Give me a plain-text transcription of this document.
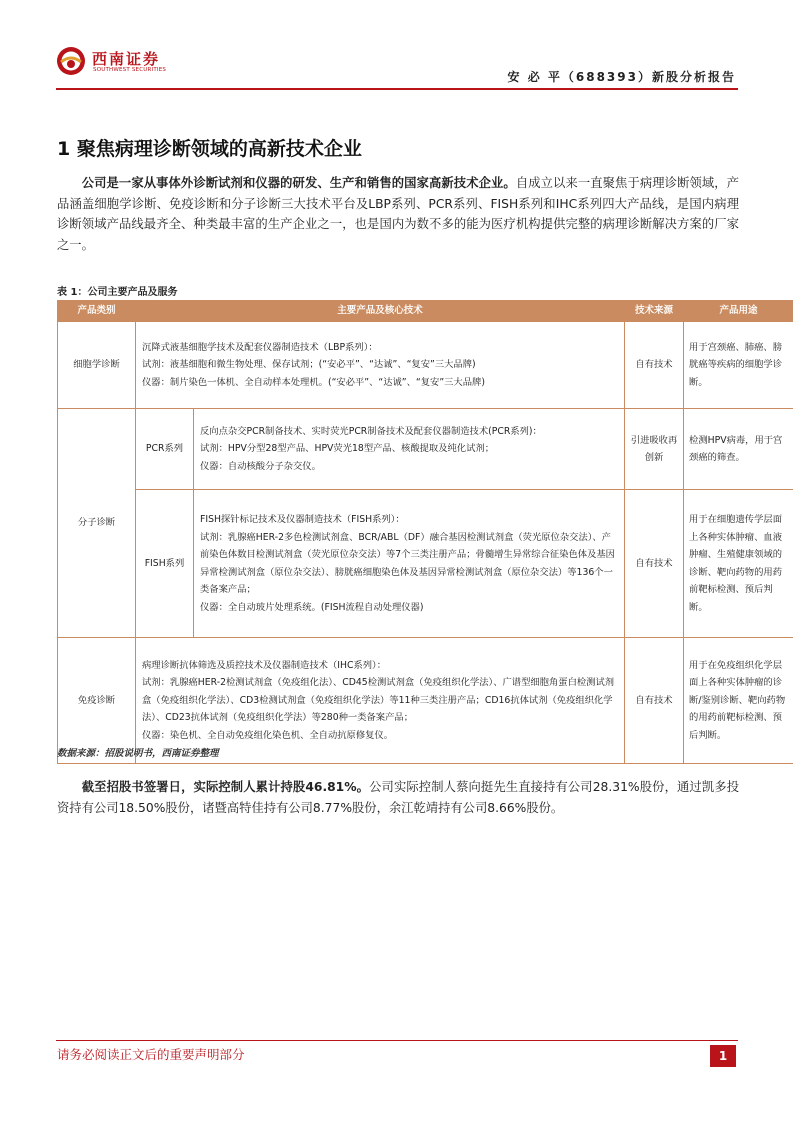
西南证券
SOUTHWEST SECURITIES	安 必 平（688393）新股分析报告
1 聚焦病理诊断领域的高新技术企业
  公司是一家从事体外诊断试剂和仪器的研发、生产和销售的国家高新技术企业。自成立以来一直聚焦于病理诊断领域，产品涵盖细胞学诊断、免疫诊断和分子诊断三大技术平台及LBP系列、PCR系列、FISH系列和IHC系列四大产品线，是国内病理诊断领域产品线最齐全、种类最丰富的生产企业之一，也是国内为数不多的能为医疗机构提供完整的病理诊断解决方案的厂家之一。
表 1：公司主要产品及服务
产品类别	主要产品及核心技术		技术来源	产品用途
细胞学诊断	沉降式液基细胞学技术及配套仪器制造技术（LBP系列）：
试剂：液基细胞和微生物处理、保存试剂；(“安必平”、“达诚”、“复安”三大品牌)
仪器：制片染色一体机、全自动样本处理机。(“安必平”、“达诚”、“复安”三大品牌)		自有技术	用于宫颈癌、肺癌、膀胱癌等疾病的细胞学诊断。
分子诊断	PCR系列	反向点杂交PCR制备技术、实时荧光PCR制备技术及配套仪器制造技术(PCR系列)：
试剂：HPV分型28型产品、HPV荧光18型产品、核酸提取及纯化试剂；
仪器：自动核酸分子杂交仪。	引进吸收再创新	检测HPV病毒，用于宫颈癌的筛查。
	FISH系列	FISH探针标记技术及仪器制造技术（FISH系列）：
试剂：乳腺癌HER-2多色检测试剂盒、BCR/ABL（DF）融合基因检测试剂盒（荧光原位杂交法）、产前染色体数目检测试剂盒（荧光原位杂交法）等7个三类注册产品；骨髓增生异常综合征染色体及基因异常检测试剂盒（原位杂交法）、膀胱癌细胞染色体及基因异常检测试剂盒（原位杂交法）等136个一类备案产品；
仪器：全自动玻片处理系统。(FISH流程自动处理仪器)	自有技术	用于在细胞遗传学层面上各种实体肿瘤、血液肿瘤、生殖健康领域的诊断、靶向药物的用药前靶标检测、预后判断。
免疫诊断	病理诊断抗体筛选及质控技术及仪器制造技术（IHC系列）：
试剂：乳腺癌HER-2检测试剂盒（免疫组化法）、CD45检测试剂盒（免疫组织化学法）、广谱型细胞角蛋白检测试剂盒（免疫组织化学法）、CD3检测试剂盒（免疫组织化学法）等11种三类注册产品；CD16抗体试剂（免疫组织化学法）、CD23抗体试剂（免疫组织化学法）等280种一类备案产品；
仪器：染色机、全自动免疫组化染色机、全自动抗原修复仪。		自有技术	用于在免疫组织化学层面上各种实体肿瘤的诊断/鉴别诊断、靶向药物的用药前靶标检测、预后判断。
数据来源：招股说明书，西南证券整理
  截至招股书签署日，实际控制人累计持股46.81%。公司实际控制人蔡向挺先生直接持有公司28.31%股份，通过凯多投资持有公司18.50%股份，诸暨高特佳持有公司8.77%股份，余江乾靖持有公司8.66%股份。
请务必阅读正文后的重要声明部分	1
